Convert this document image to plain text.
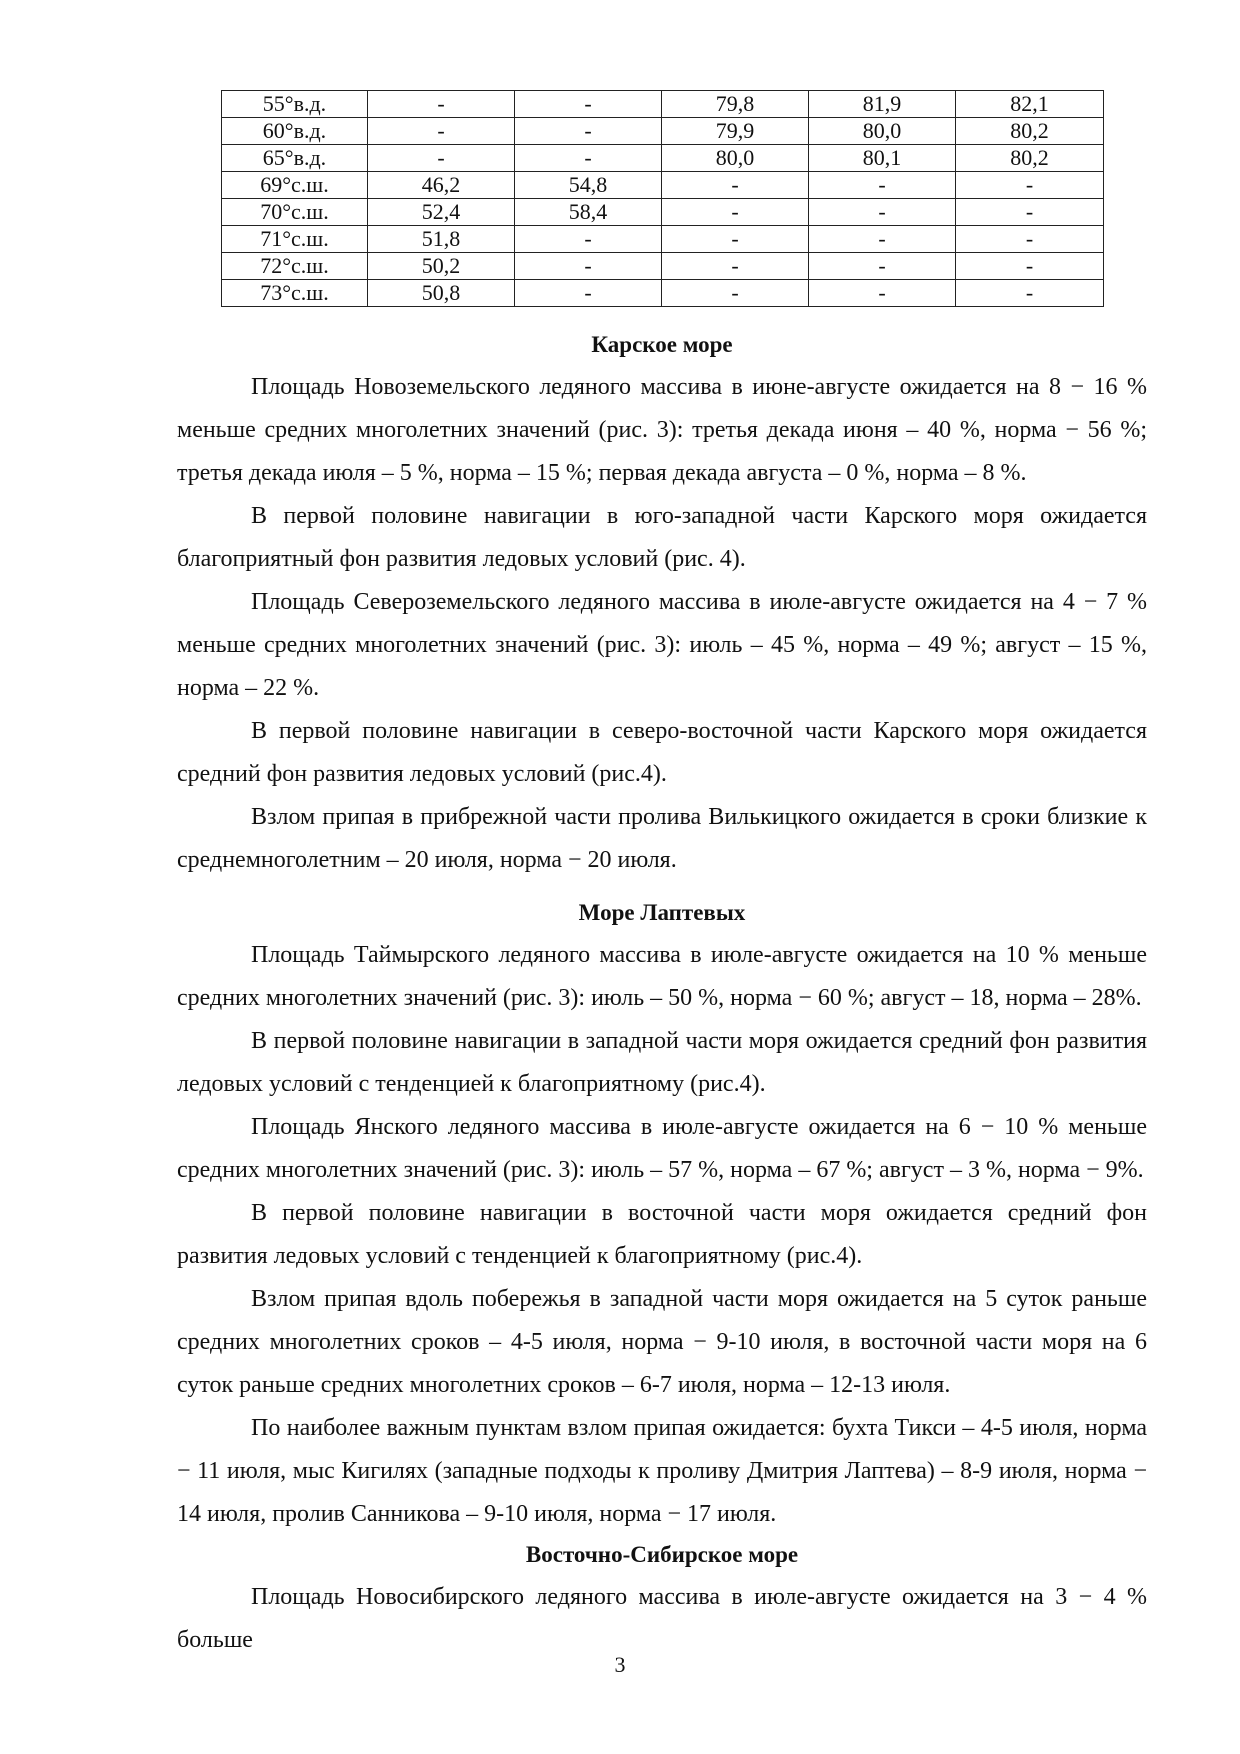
55°в.д.	-	-	79,8	81,9	82,1
60°в.д.	-	-	79,9	80,0	80,2
65°в.д.	-	-	80,0	80,1	80,2
69°с.ш.	46,2	54,8	-	-	-
70°с.ш.	52,4	58,4	-	-	-
71°с.ш.	51,8	-	-	-	-
72°с.ш.	50,2	-	-	-	-
73°с.ш.	50,8	-	-	-	-

Карское море

Площадь Новоземельского ледяного массива в июне-августе ожидается на 8 − 16 % меньше средних многолетних значений (рис. 3): третья декада июня – 40 %, норма − 56 %; третья декада июля – 5 %, норма – 15 %; первая декада августа – 0 %, норма – 8 %.

В первой половине навигации в юго-западной части Карского моря ожидается благоприятный фон развития ледовых условий (рис. 4).

Площадь Североземельского ледяного массива в июле-августе ожидается на 4 − 7 % меньше средних многолетних значений (рис. 3): июль – 45 %, норма – 49 %; август – 15 %, норма – 22 %.

В первой половине навигации в северо-восточной части Карского моря ожидается средний фон развития ледовых условий (рис.4).

Взлом припая в прибрежной части пролива Вилькицкого ожидается в сроки близкие к среднемноголетним – 20 июля, норма − 20 июля.

Море Лаптевых

Площадь Таймырского ледяного массива в июле-августе ожидается на 10 % меньше средних многолетних значений (рис. 3): июль – 50 %, норма − 60 %; август – 18, норма – 28%.

В первой половине навигации в западной части моря ожидается средний фон развития ледовых условий с тенденцией к благоприятному (рис.4).

Площадь Янского ледяного массива в июле-августе ожидается на 6 − 10 % меньше средних многолетних значений (рис. 3): июль – 57 %, норма – 67 %; август – 3 %, норма − 9%.

В первой половине навигации в восточной части моря ожидается средний фон развития ледовых условий с тенденцией к благоприятному (рис.4).

Взлом припая вдоль побережья в западной части моря ожидается на 5 суток раньше средних многолетних сроков – 4-5 июля, норма − 9-10 июля, в восточной части моря на 6 суток раньше средних многолетних сроков – 6-7 июля, норма – 12-13 июля.

По наиболее важным пунктам взлом припая ожидается: бухта Тикси – 4-5 июля, норма − 11 июля, мыс Кигилях (западные подходы к проливу Дмитрия Лаптева) – 8-9 июля, норма − 14 июля, пролив Санникова – 9-10 июля, норма − 17 июля.

Восточно-Сибирское море

Площадь Новосибирского ледяного массива в июле-августе ожидается на 3 − 4 % больше

3
